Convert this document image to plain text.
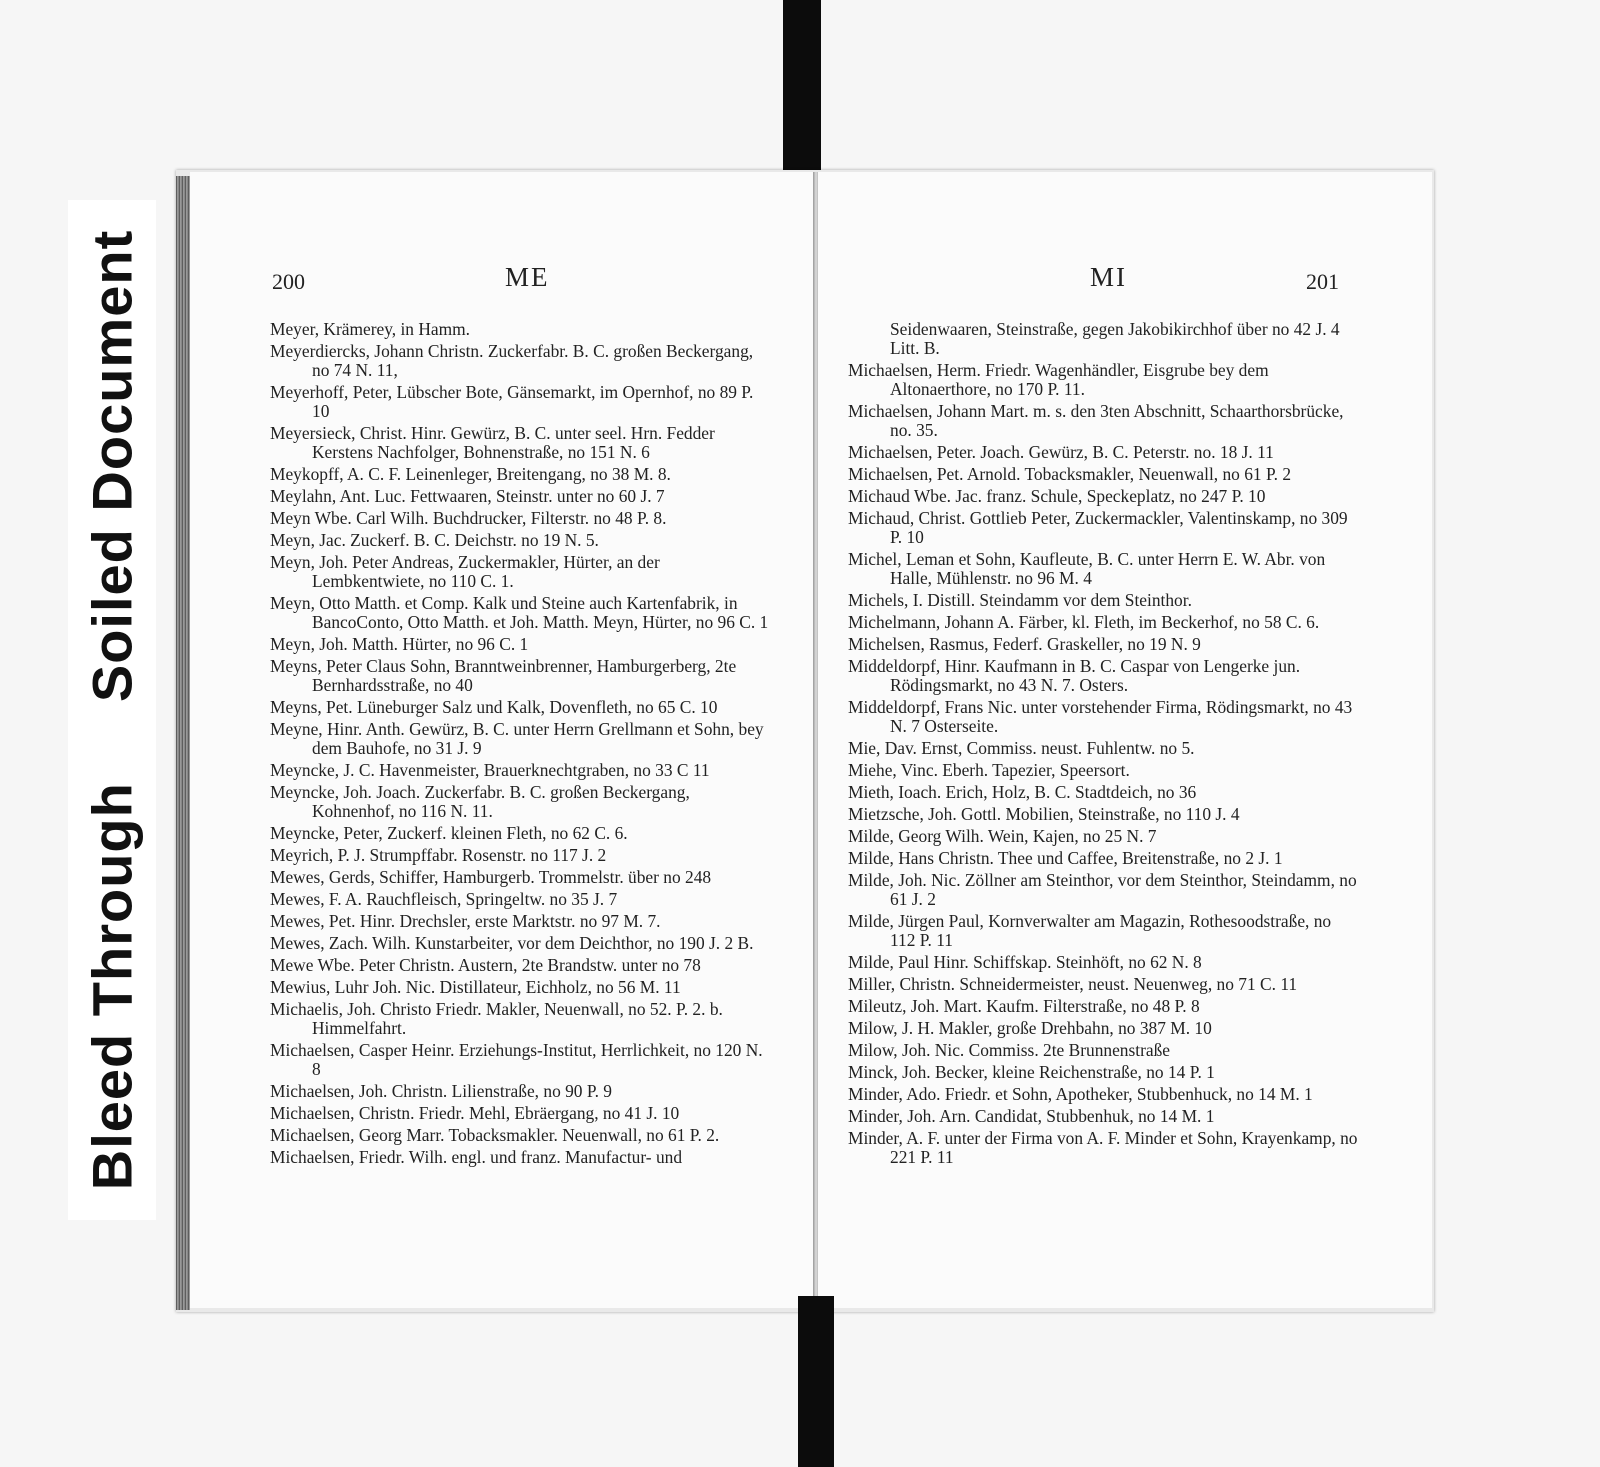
Bleed ThroughSoiled Document	200	ME
Meyer, Krämerey, in Hamm.
Meyerdiercks, Johann Christn. Zuckerfabr. B. C. großen Beckergang, no 74 N. 11,
Meyerhoff, Peter, Lübscher Bote, Gänsemarkt, im Opernhof, no 89 P. 10
Meyersieck, Christ. Hinr. Gewürz, B. C. unter seel. Hrn. Fedder Kerstens Nachfolger, Bohnenstraße, no 151 N. 6
Meykopff, A. C. F. Leinenleger, Breitengang, no 38 M. 8.
Meylahn, Ant. Luc. Fettwaaren, Steinstr. unter no 60 J. 7
Meyn Wbe. Carl Wilh. Buchdrucker, Filterstr. no 48 P. 8.
Meyn, Jac. Zuckerf. B. C. Deichstr. no 19 N. 5.
Meyn, Joh. Peter Andreas, Zuckermakler, Hürter, an der Lembkentwiete, no 110 C. 1.
Meyn, Otto Matth. et Comp. Kalk und Steine auch Kartenfabrik, in BancoConto, Otto Matth. et Joh. Matth. Meyn, Hürter, no 96 C. 1
Meyn, Joh. Matth. Hürter, no 96 C. 1
Meyns, Peter Claus Sohn, Branntweinbrenner, Hamburgerberg, 2te Bernhardsstraße, no 40
Meyns, Pet. Lüneburger Salz und Kalk, Dovenfleth, no 65 C. 10
Meyne, Hinr. Anth. Gewürz, B. C. unter Herrn Grellmann et Sohn, bey dem Bauhofe, no 31 J. 9
Meyncke, J. C. Havenmeister, Brauerknechtgraben, no 33 C 11
Meyncke, Joh. Joach. Zuckerfabr. B. C. großen Beckergang, Kohnenhof, no 116 N. 11.
Meyncke, Peter, Zuckerf. kleinen Fleth, no 62 C. 6.
Meyrich, P. J. Strumpffabr. Rosenstr. no 117 J. 2
Mewes, Gerds, Schiffer, Hamburgerb. Trommelstr. über no 248
Mewes, F. A. Rauchfleisch, Springeltw. no 35 J. 7
Mewes, Pet. Hinr. Drechsler, erste Marktstr. no 97 M. 7.
Mewes, Zach. Wilh. Kunstarbeiter, vor dem Deichthor, no 190 J. 2 B.
Mewe Wbe. Peter Christn. Austern, 2te Brandstw. unter no 78
Mewius, Luhr Joh. Nic. Distillateur, Eichholz, no 56 M. 11
Michaelis, Joh. Christo Friedr. Makler, Neuenwall, no 52. P. 2. b. Himmelfahrt.
Michaelsen, Casper Heinr. Erziehungs-Institut, Herrlichkeit, no 120 N. 8
Michaelsen, Joh. Christn. Lilienstraße, no 90 P. 9
Michaelsen, Christn. Friedr. Mehl, Ebräergang, no 41 J. 10
Michaelsen, Georg Marr. Tobacksmakler. Neuenwall, no 61 P. 2.
Michaelsen, Friedr. Wilh. engl. und franz. Manufactur- und
MI	201
Seidenwaaren, Steinstraße, gegen Jakobikirchhof über no 42 J. 4 Litt. B.
Michaelsen, Herm. Friedr. Wagenhändler, Eisgrube bey dem Altonaerthore, no 170 P. 11.
Michaelsen, Johann Mart. m. s. den 3ten Abschnitt, Schaarthorsbrücke, no. 35.
Michaelsen, Peter. Joach. Gewürz, B. C. Peterstr. no. 18 J. 11
Michaelsen, Pet. Arnold. Tobacksmakler, Neuenwall, no 61 P. 2
Michaud Wbe. Jac. franz. Schule, Speckeplatz, no 247 P. 10
Michaud, Christ. Gottlieb Peter, Zuckermackler, Valentinskamp, no 309 P. 10
Michel, Leman et Sohn, Kaufleute, B. C. unter Herrn E. W. Abr. von Halle, Mühlenstr. no 96 M. 4
Michels, I. Distill. Steindamm vor dem Steinthor.
Michelmann, Johann A. Färber, kl. Fleth, im Beckerhof, no 58 C. 6.
Michelsen, Rasmus, Federf. Graskeller, no 19 N. 9
Middeldorpf, Hinr. Kaufmann in B. C. Caspar von Lengerke jun. Rödingsmarkt, no 43 N. 7. Osters.
Middeldorpf, Frans Nic. unter vorstehender Firma, Rödingsmarkt, no 43 N. 7 Osterseite.
Mie, Dav. Ernst, Commiss. neust. Fuhlentw. no 5.
Miehe, Vinc. Eberh. Tapezier, Speersort.
Mieth, Ioach. Erich, Holz, B. C. Stadtdeich, no 36
Mietzsche, Joh. Gottl. Mobilien, Steinstraße, no 110 J. 4
Milde, Georg Wilh. Wein, Kajen, no 25 N. 7
Milde, Hans Christn. Thee und Caffee, Breitenstraße, no 2 J. 1
Milde, Joh. Nic. Zöllner am Steinthor, vor dem Steinthor, Steindamm, no 61 J. 2
Milde, Jürgen Paul, Kornverwalter am Magazin, Rothesoodstraße, no 112 P. 11
Milde, Paul Hinr. Schiffskap. Steinhöft, no 62 N. 8
Miller, Christn. Schneidermeister, neust. Neuenweg, no 71 C. 11
Mileutz, Joh. Mart. Kaufm. Filterstraße, no 48 P. 8
Milow, J. H. Makler, große Drehbahn, no 387 M. 10
Milow, Joh. Nic. Commiss. 2te Brunnenstraße
Minck, Joh. Becker, kleine Reichenstraße, no 14 P. 1
Minder, Ado. Friedr. et Sohn, Apotheker, Stubbenhuck, no 14 M. 1
Minder, Joh. Arn. Candidat, Stubbenhuk, no 14 M. 1
Minder, A. F. unter der Firma von A. F. Minder et Sohn, Krayenkamp, no 221 P. 11
